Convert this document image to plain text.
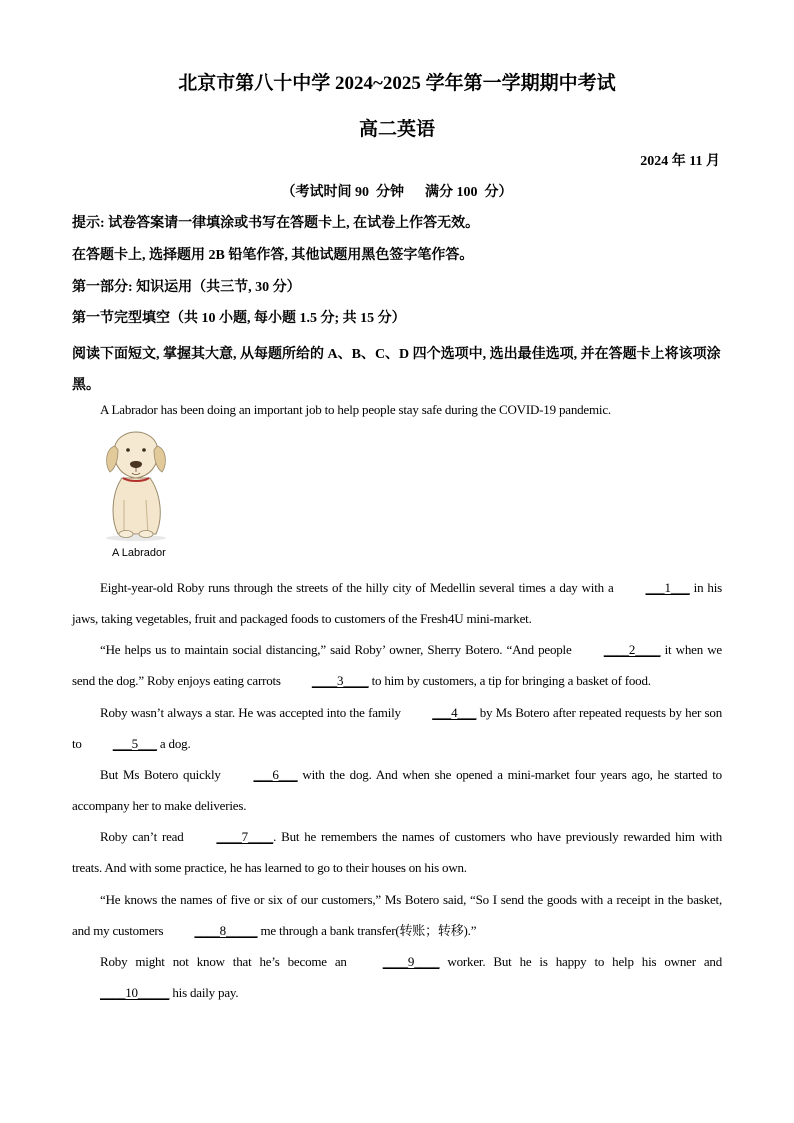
北京市第八十中学 2024~2025 学年第一学期期中考试
高二英语
2024 年 11 月
（考试时间 90  分钟      满分 100  分）
提示: 试卷答案请一律填涂或书写在答题卡上, 在试卷上作答无效。
在答题卡上, 选择题用 2B 铅笔作答, 其他试题用黑色签字笔作答。
第一部分: 知识运用（共三节, 30 分）
第一节完型填空（共 10 小题, 每小题 1.5 分; 共 15 分）
阅读下面短文, 掌握其大意, 从每题所给的 A、B、C、D 四个选项中, 选出最佳选项, 并在答题卡上将该项涂黑。
A Labrador has been doing an important job to help people stay safe during the COVID-19 pandemic.
A Labrador
Eight-year-old Roby runs through the streets of the hilly city of Medellin several times a day with a ___1___ in his jaws, taking vegetables, fruit and packaged foods to customers of the Fresh4U mini-market.
“He helps us to maintain social distancing,” said Roby’ owner, Sherry Botero. “And people ____2____ it when we send the dog.” Roby enjoys eating carrots ____3____ to him by customers, a tip for bringing a basket of food.
Roby wasn’t always a star. He was accepted into the family ___4___ by Ms Botero after repeated requests by her son to ___5___ a dog.
But Ms Botero quickly ___6___ with the dog. And when she opened a mini-market four years ago, he started to accompany her to make deliveries.
Roby can’t read ____7____. But he remembers the names of customers who have previously rewarded him with treats. And with some practice, he has learned to go to their houses on his own.
“He knows the names of five or six of our customers,” Ms Botero said, “So I send the goods with a receipt in the basket, and my customers ____8_____ me through a bank transfer(转账；转移).”
Roby might not know that he’s become an ____9____ worker. But he is happy to help his owner and ____10_____ his daily pay.
